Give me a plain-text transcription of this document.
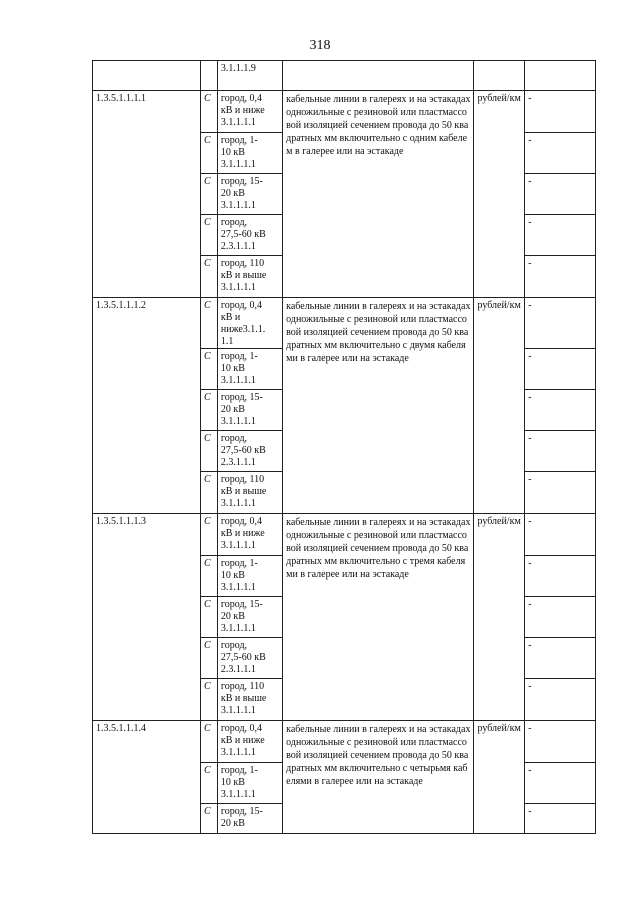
318

		3.1.1.1.9			

1.3.5.1.1.1.1	C	город, 0,4
кВ и ниже
3.1.1.1.1	кабельные линии в галереях и на эстакадах одножильные с резиновой или пластмассовой изоляцией сечением провода до 50 квадратных мм включительно с одним кабелем в галерее или на эстакаде	рублей/км	-
	C	город, 1-
10 кВ
3.1.1.1.1			-
	C	город, 15-
20 кВ
3.1.1.1.1			-
	C	город,
27,5-60 кВ
2.3.1.1.1			-
	C	город, 110
кВ и выше
3.1.1.1.1			-
1.3.5.1.1.1.2	C	город, 0,4
кВ и
ниже3.1.1.
1.1	кабельные линии в галереях и на эстакадах одножильные с резиновой или пластмассовой изоляцией сечением провода до 50 квадратных мм включительно с двумя кабелями в галерее или на эстакаде	рублей/км	-
	C	город, 1-
10 кВ
3.1.1.1.1			-
	C	город, 15-
20 кВ
3.1.1.1.1			-
	C	город,
27,5-60 кВ
2.3.1.1.1			-
	C	город, 110
кВ и выше
3.1.1.1.1			-
1.3.5.1.1.1.3	C	город, 0,4
кВ и ниже
3.1.1.1.1	кабельные линии в галереях и на эстакадах одножильные с резиновой или пластмассовой изоляцией сечением провода до 50 квадратных мм включительно с тремя кабелями в галерее или на эстакаде	рублей/км	-
	C	город, 1-
10 кВ
3.1.1.1.1			-
	C	город, 15-
20 кВ
3.1.1.1.1			-
	C	город,
27,5-60 кВ
2.3.1.1.1			-
	C	город, 110
кВ и выше
3.1.1.1.1			-
1.3.5.1.1.1.4	C	город, 0,4
кВ и ниже
3.1.1.1.1	кабельные линии в галереях и на эстакадах одножильные с резиновой или пластмассовой изоляцией сечением провода до 50 квадратных мм включительно с четырьмя кабелями в галерее или на эстакаде	рублей/км	-
	C	город, 1-
10 кВ
3.1.1.1.1			-
	C	город, 15-
20 кВ			-
